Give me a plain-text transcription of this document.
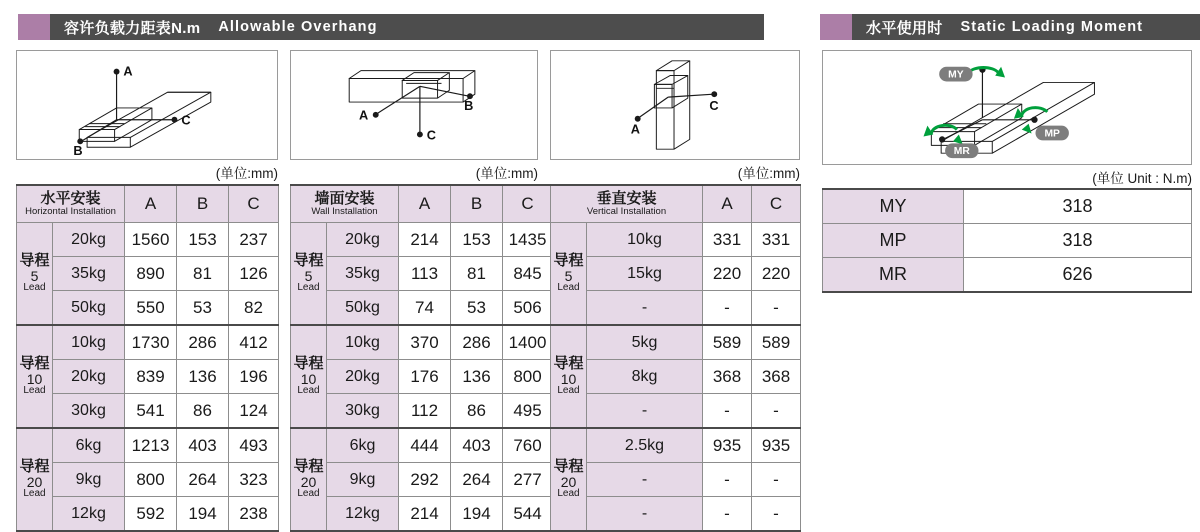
容许负载力距表N.m Allowable Overhang	水平使用时 Static Loading Moment
A
B
C
(单位:mm)
A
B
C
(单位:mm)
A
C
(单位:mm)
MY
MP
MR
(单位 Unit : N.m)
水平安装
Horizontal Installation		A	B	C

导程
5
Lead	20kg	1560	153	237
	35kg	890	81	126
	50kg	550	53	82

导程
10
Lead	10kg	1730	286	412
	20kg	839	136	196
	30kg	541	86	124

导程
20
Lead	6kg	1213	403	493
	9kg	800	264	323
	12kg	592	194	238
墙面安装
Wall Installation		A	B	C

导程
5
Lead	20kg	214	153	1435
	35kg	113	81	845
	50kg	74	53	506

导程
10
Lead	10kg	370	286	1400
	20kg	176	136	800
	30kg	112	86	495

导程
20
Lead	6kg	444	403	760
	9kg	292	264	277
	12kg	214	194	544
垂直安装
Vertical Installation		A	C

导程
5
Lead	10kg	331	331
	15kg	220	220
	-	-	-

导程
10
Lead	5kg	589	589
	8kg	368	368
	-	-	-

导程
20
Lead	2.5kg	935	935
	-	-	-
	-	-	-
MY	318
MP	318
MR	626
